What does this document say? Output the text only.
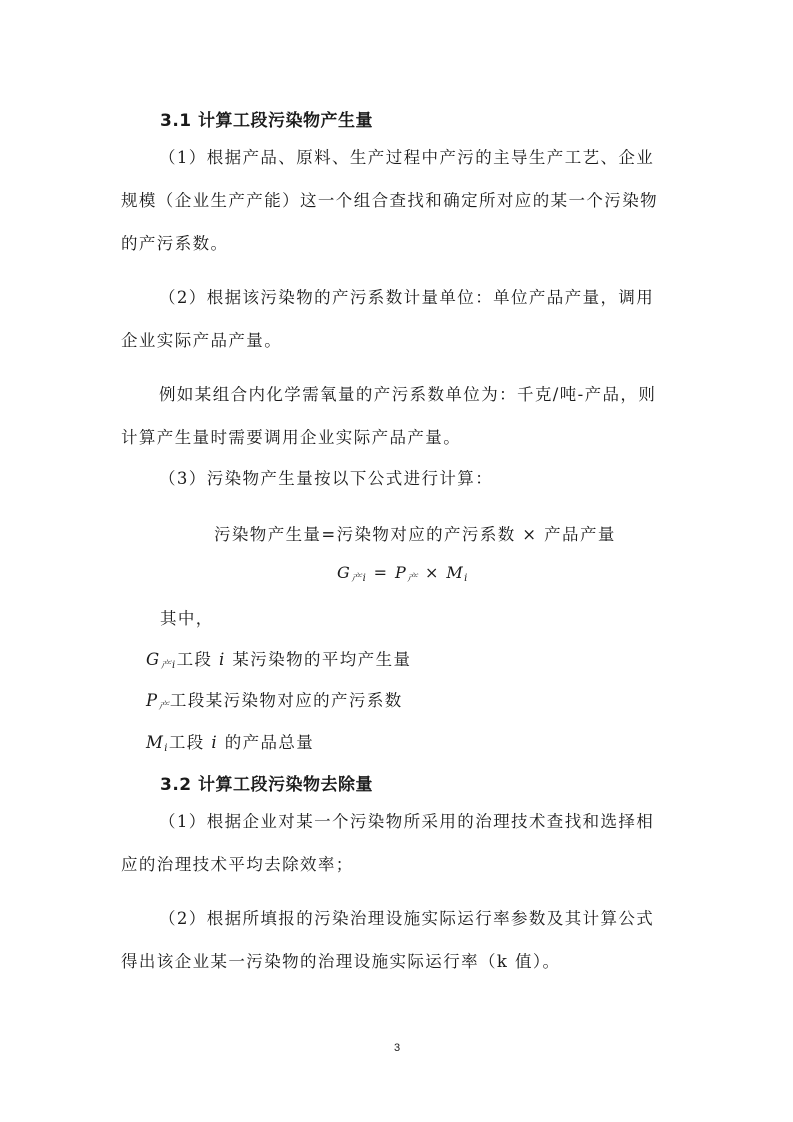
3.1 计算工段污染物产生量

（1）根据产品、原料、生产过程中产污的主导生产工艺、企业规模（企业生产产能）这一个组合查找和确定所对应的某一个污染物的产污系数。

（2）根据该污染物的产污系数计量单位：单位产品产量，调用企业实际产品产量。

例如某组合内化学需氧量的产污系数单位为：千克/吨-产品，则计算产生量时需要调用企业实际产品产量。

（3）污染物产生量按以下公式进行计算：

污染物产生量=污染物对应的产污系数 × 产品产量
$G_{产i} = P_产 \times M_i$
其中，
$G_{产i}$工段 i 某污染物的平均产生量
$P_产$工段某污染物对应的产污系数
$M_i$工段 i 的产品总量
3.2 计算工段污染物去除量

（1）根据企业对某一个污染物所采用的治理技术查找和选择相应的治理技术平均去除效率；

（2）根据所填报的污染治理设施实际运行率参数及其计算公式得出该企业某一污染物的治理设施实际运行率（k 值）。

3
